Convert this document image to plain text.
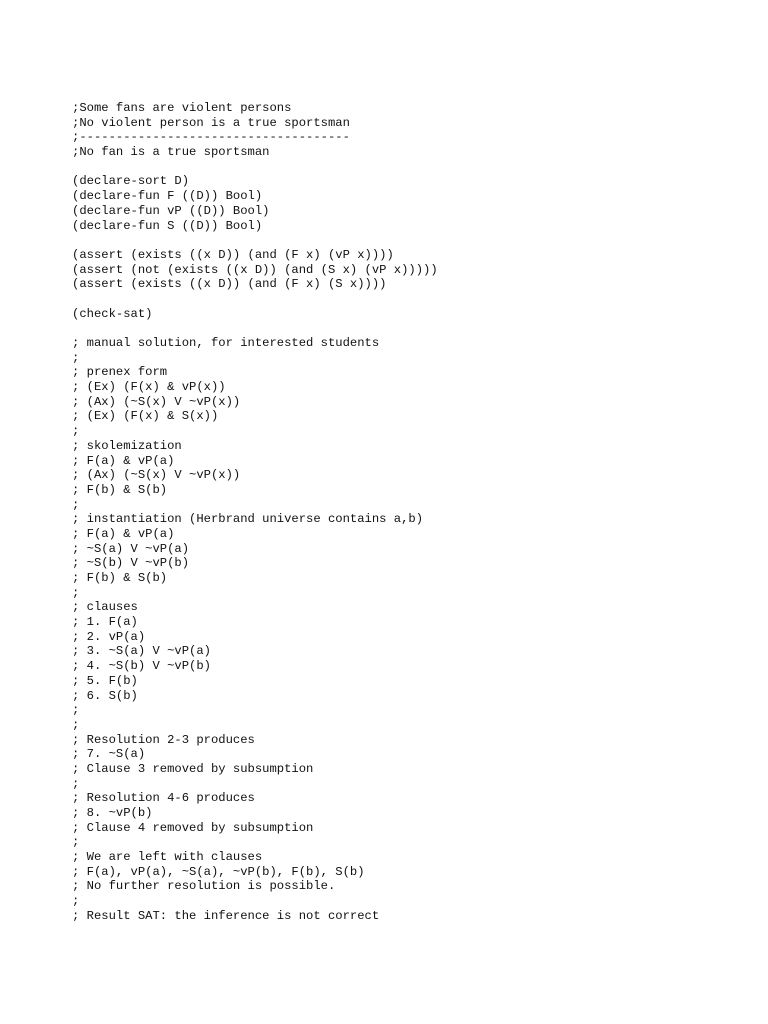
;Some fans are violent persons
;No violent person is a true sportsman
;-------------------------------------
;No fan is a true sportsman
(declare-sort D)
(declare-fun F ((D)) Bool)
(declare-fun vP ((D)) Bool)
(declare-fun S ((D)) Bool)
(assert (exists ((x D)) (and (F x) (vP x))))
(assert (not (exists ((x D)) (and (S x) (vP x)))))
(assert (exists ((x D)) (and (F x) (S x))))
(check-sat)
; manual solution, for interested students
;
; prenex form
; (Ex) (F(x) & vP(x))
; (Ax) (~S(x) V ~vP(x))
; (Ex) (F(x) & S(x))
;
; skolemization
; F(a) & vP(a)
; (Ax) (~S(x) V ~vP(x))
; F(b) & S(b)
;
; instantiation (Herbrand universe contains a,b)
; F(a) & vP(a)
; ~S(a) V ~vP(a)
; ~S(b) V ~vP(b)
; F(b) & S(b)
;
; clauses
; 1. F(a)
; 2. vP(a)
; 3. ~S(a) V ~vP(a)
; 4. ~S(b) V ~vP(b)
; 5. F(b)
; 6. S(b)
;
;
; Resolution 2-3 produces
; 7. ~S(a)
; Clause 3 removed by subsumption
;
; Resolution 4-6 produces
; 8. ~vP(b)
; Clause 4 removed by subsumption
;
; We are left with clauses
; F(a), vP(a), ~S(a), ~vP(b), F(b), S(b)
; No further resolution is possible.
;
; Result SAT: the inference is not correct
